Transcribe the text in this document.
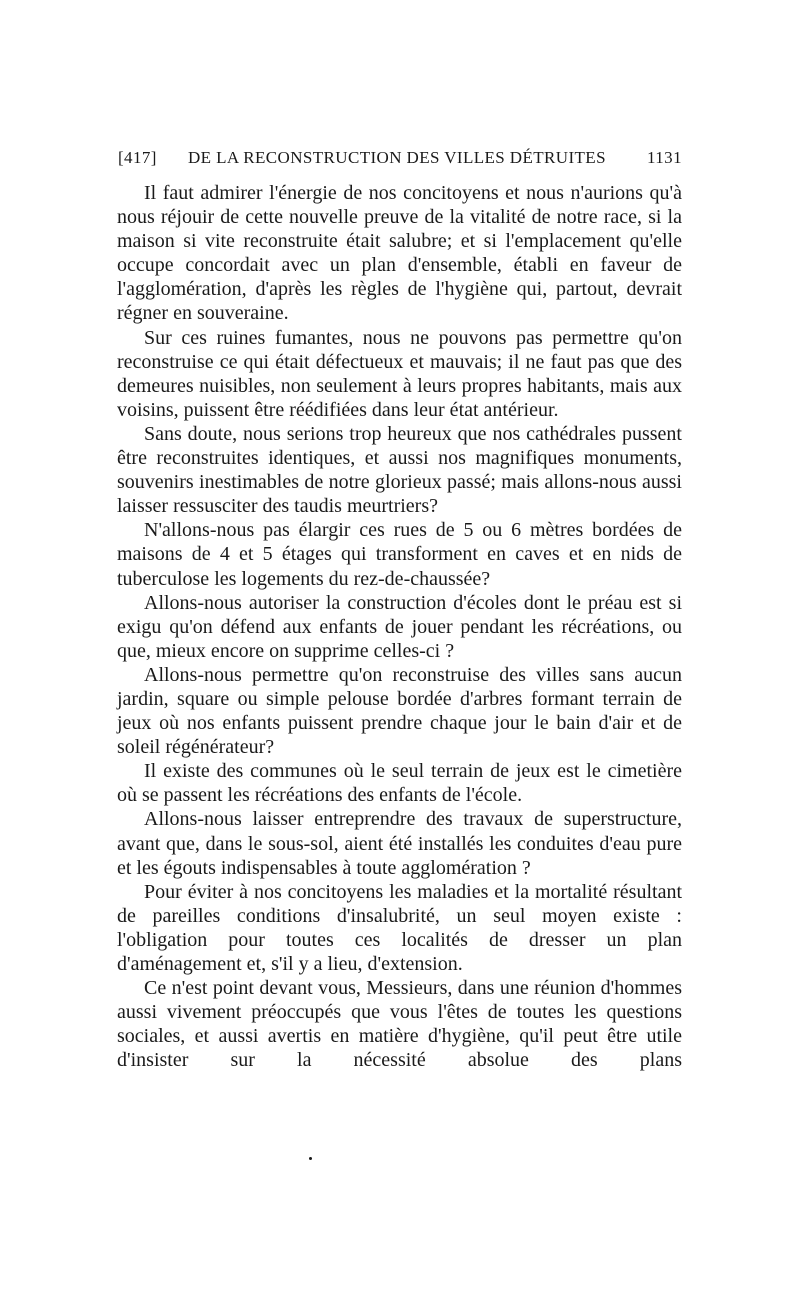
[417] DE LA RECONSTRUCTION DES VILLES DÉTRUITES 1131

Il faut admirer l'énergie de nos concitoyens et nous n'aurions qu'à nous réjouir de cette nouvelle preuve de la vitalité de notre race, si la maison si vite reconstruite était salubre; et si l'emplacement qu'elle occupe concordait avec un plan d'ensemble, établi en faveur de l'agglomération, d'après les règles de l'hygiène qui, partout, devrait régner en souveraine.

Sur ces ruines fumantes, nous ne pouvons pas permettre qu'on reconstruise ce qui était défectueux et mauvais; il ne faut pas que des demeures nuisibles, non seulement à leurs propres habitants, mais aux voisins, puissent être réédifiées dans leur état antérieur.

Sans doute, nous serions trop heureux que nos cathédrales pussent être reconstruites identiques, et aussi nos magnifiques monuments, souvenirs inestimables de notre glorieux passé; mais allons-nous aussi laisser ressusciter des taudis meurtriers?

N'allons-nous pas élargir ces rues de 5 ou 6 mètres bordées de maisons de 4 et 5 étages qui transforment en caves et en nids de tuberculose les logements du rez-de-chaussée?

Allons-nous autoriser la construction d'écoles dont le préau est si exigu qu'on défend aux enfants de jouer pendant les récréations, ou que, mieux encore on supprime celles-ci ?

Allons-nous permettre qu'on reconstruise des villes sans aucun jardin, square ou simple pelouse bordée d'arbres formant terrain de jeux où nos enfants puissent prendre chaque jour le bain d'air et de soleil régénérateur?

Il existe des communes où le seul terrain de jeux est le cimetière où se passent les récréations des enfants de l'école.

Allons-nous laisser entreprendre des travaux de superstructure, avant que, dans le sous-sol, aient été installés les conduites d'eau pure et les égouts indispensables à toute agglomération ?

Pour éviter à nos concitoyens les maladies et la mortalité résultant de pareilles conditions d'insalubrité, un seul moyen existe : l'obligation pour toutes ces localités de dresser un plan d'aménagement et, s'il y a lieu, d'extension.

Ce n'est point devant vous, Messieurs, dans une réunion d'hommes aussi vivement préoccupés que vous l'êtes de toutes les questions sociales, et aussi avertis en matière d'hygiène, qu'il peut être utile d'insister sur la nécessité absolue des plans
